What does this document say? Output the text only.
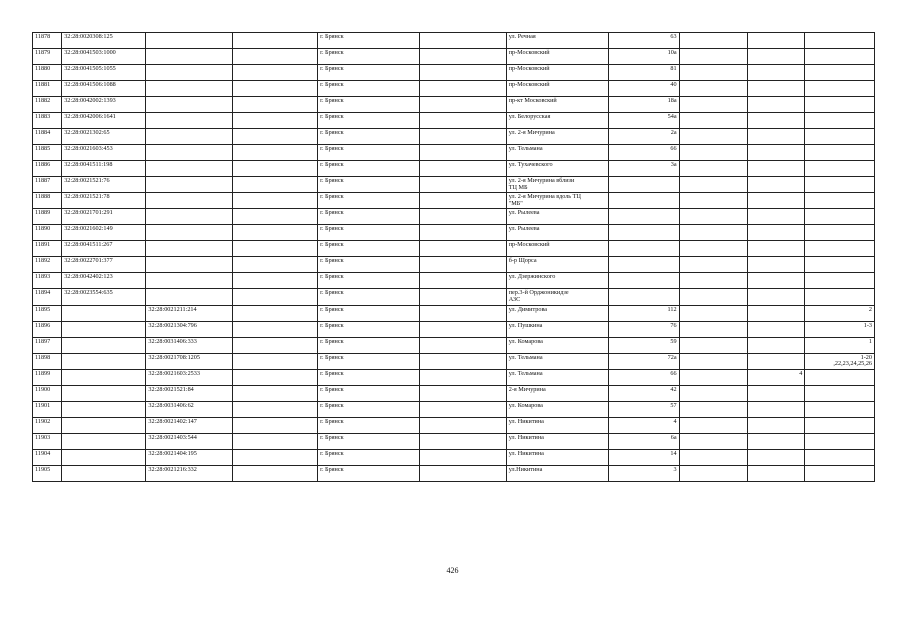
11878	32:28:0020308:125			г. Брянск		ул. Речная	63			
11879	32:28:0041503:1000			г. Брянск		пр-Московский	10а			
11880	32:28:0041505:1055			г. Брянск		пр-Московский	81			
11881	32:28:0041506:1088			г. Брянск		пр-Московский	40			
11882	32:28:0042002:1393			г. Брянск		пр-кт Московский	18а			
11883	32:28:0042006:1641			г. Брянск		ул. Белорусская	54а			
11884	32:28:0021302:65			г. Брянск		ул. 2-я Мичурина	2а			
11885	32:28:0021603:453			г. Брянск		ул. Тельмана	66			
11886	32:28:0041511:198			г. Брянск		ул. Тухачевского	3а			
11887	32:28:0021521:76			г. Брянск		ул. 2-я Мичурина вблизи
ТЦ МБ				
11888	32:28:0021521:78			г. Брянск		ул. 2-я Мичурина вдоль ТЦ
"МБ"				
11889	32:28:0021701:291			г. Брянск		ул. Рылеева				
11890	32:28:0021602:149			г. Брянск		ул. Рылеева				
11891	32:28:0041511:267			г. Брянск		пр-Московский				
11892	32:28:0022701:377			г. Брянск		б-р Щорса				
11893	32:28:0042402:123			г. Брянск		ул. Дзержинского				
11894	32:28:0023554:635			г. Брянск		пер.3-й Орджоникидзе
АЗС				
11895		32:28:0021211:214		г. Брянск		ул. Димитрова	112			2
11896		32:28:0021304:796		г. Брянск		ул. Пушкина	76			1-3
11897		32:28:0031406:333		г. Брянск		ул. Комарова	59			1
11898		32:28:0021708:1205		г. Брянск		ул. Тельмана	72а			1-20
,22,23,24,25,26
11899		32:28:0021603:2533		г. Брянск		ул. Тельмана	66		4	
11900		32:28:0021521:84		г. Брянск		2-я Мичурина	42			
11901		32:28:0031406:62		г. Брянск		ул. Комарова	57			
11902		32:28:0021402:147		г. Брянск		ул. Никитина	4			
11903		32:28:0021403:544		г. Брянск		ул. Никитина	6а			
11904		32:28:0021404:195		г. Брянск		ул. Никитина	14			
11905		32:28:0021216:332		г. Брянск		ул.Никитина	3			
426
